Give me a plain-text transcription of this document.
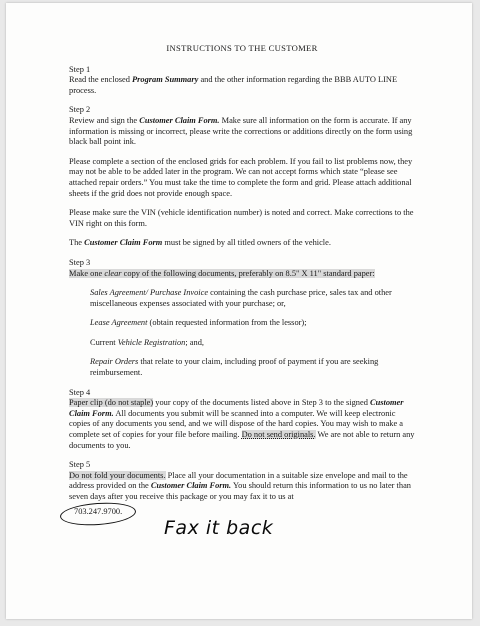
INSTRUCTIONS TO THE CUSTOMER
Step 1

Read the enclosed Program Summary and the other information regarding the BBB AUTO LINE process.

Step 2

Review and sign the Customer Claim Form. Make sure all information on the form is accurate. If any information is missing or incorrect, please write the corrections or additions directly on the form using black ball point ink.

Please complete a section of the enclosed grids for each problem. If you fail to list problems now, they may not be able to be added later in the program. We can not accept forms which state “please see attached repair orders.” You must take the time to complete the form and grid. Please attach additional sheets if the grid does not provide enough space.

Please make sure the VIN (vehicle identification number) is noted and correct. Make corrections to the VIN right on this form.

The Customer Claim Form must be signed by all titled owners of the vehicle.

Step 3

Make one clear copy of the following documents, preferably on 8.5" X 11" standard paper:

Sales Agreement/ Purchase Invoice containing the cash purchase price, sales tax and other miscellaneous expenses associated with your purchase; or,

Lease Agreement (obtain requested information from the lessor);

Current Vehicle Registration; and,

Repair Orders that relate to your claim, including proof of payment if you are seeking reimbursement.

Step 4

Paper clip (do not staple) your copy of the documents listed above in Step 3 to the signed Customer Claim Form. All documents you submit will be scanned into a computer. We will keep electronic copies of any documents you send, and we will dispose of the hard copies. You may wish to make a complete set of copies for your file before mailing. Do not send originals. We are not able to return any documents to you.

Step 5

Do not fold your documents. Place all your documentation in a suitable size envelope and mail to the address provided on the Customer Claim Form. You should return this information to us no later than seven days after you receive this package or you may fax it to us at

703.247.9700.
Fax it back
